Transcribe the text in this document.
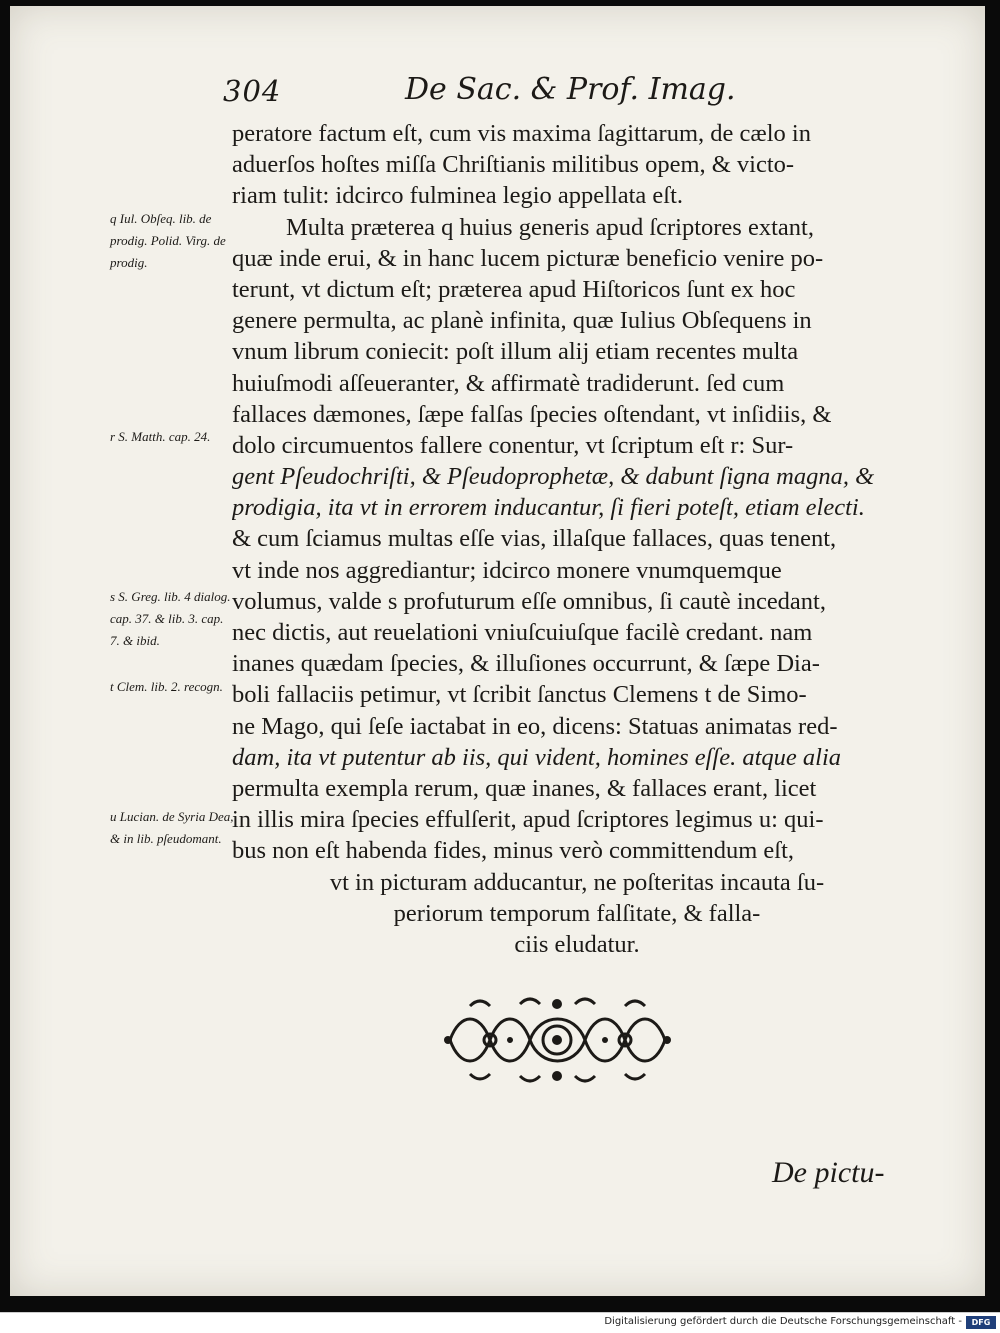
304	De Sac. & Prof. Imag.
peratore factum eſt, cum vis maxima ſagittarum, de cælo in
aduerſos hoſtes miſſa Chriſtianis militibus opem, & victo-
riam tulit: idcirco fulminea legio appellata eſt.
Multa præterea q huius generis apud ſcriptores extant,
quæ inde erui, & in hanc lucem picturæ beneficio venire po-
terunt, vt dictum eſt; præterea apud Hiſtoricos ſunt ex hoc
genere permulta, ac planè infinita, quæ Iulius Obſequens in
vnum librum coniecit: poſt illum alij etiam recentes multa
huiuſmodi aſſeueranter, & affirmatè tradiderunt. ſed cum
fallaces dæmones, ſæpe falſas ſpecies oſtendant, vt inſidiis, &
dolo circumuentos fallere conentur, vt ſcriptum eſt r: Sur-
gent Pſeudochriſti, & Pſeudoprophetæ, & dabunt ſigna magna, &
prodigia, ita vt in errorem inducantur, ſi fieri poteſt, etiam electi.
& cum ſciamus multas eſſe vias, illaſque fallaces, quas tenent,
vt inde nos aggrediantur; idcirco monere vnumquemque
volumus, valde s profuturum eſſe omnibus, ſi cautè incedant,
nec dictis, aut reuelationi vniuſcuiuſque facilè credant. nam
inanes quædam ſpecies, & illuſiones occurrunt, & ſæpe Dia-
boli fallaciis petimur, vt ſcribit ſanctus Clemens t de Simo-
ne Mago, qui ſeſe iactabat in eo, dicens: Statuas animatas red-
dam, ita vt putentur ab iis, qui vident, homines eſſe. atque alia
permulta exempla rerum, quæ inanes, & fallaces erant, licet
in illis mira ſpecies effulſerit, apud ſcriptores legimus u: qui-
bus non eſt habenda fides, minus verò committendum eſt,
vt in picturam adducantur, ne poſteritas incauta ſu-
periorum temporum falſitate, & falla-
ciis eludatur.
q Iul. Obſeq. lib. de prodig. Polid. Virg. de prodig.
r S. Matth. cap. 24.
s S. Greg. lib. 4 dialog. cap. 37. & lib. 3. cap. 7. & ibid.
t Clem. lib. 2. recogn.
u Lucian. de Syria Dea, & in lib. pſeudomant.
De pictu-
Digitalisierung gefördert durch die Deutsche Forschungsgemeinschaft -	DFG
